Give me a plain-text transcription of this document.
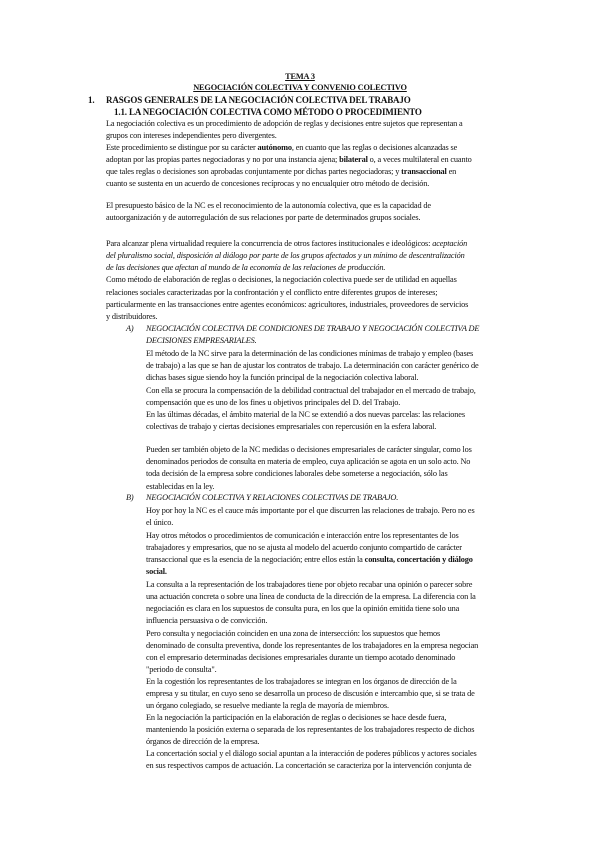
TEMA 3
NEGOCIACIÓN COLECTIVA Y CONVENIO COLECTIVO
1. RASGOS GENERALES DE LA NEGOCIACIÓN COLECTIVA DEL TRABAJO
1.1. LA NEGOCIACIÓN COLECTIVA COMO MÉTODO O PROCEDIMIENTO
La negociación colectiva es un procedimiento de adopción de reglas y decisiones entre sujetos que representan a
grupos con intereses independientes pero divergentes.
Este procedimiento se distingue por su carácter autónomo, en cuanto que las reglas o decisiones alcanzadas se
adoptan por las propias partes negociadoras y no por una instancia ajena; bilateral o, a veces multilateral en cuanto
que tales reglas o decisiones son aprobadas conjuntamente por dichas partes negociadoras; y transaccional en
cuanto se sustenta en un acuerdo de concesiones recíprocas y no encualquier otro método de decisión.
El presupuesto básico de la NC es el reconocimiento de la autonomía colectiva, que es la capacidad de
autoorganización y de autorregulación de sus relaciones por parte de determinados grupos sociales.
Para alcanzar plena virtualidad requiere la concurrencia de otros factores institucionales e ideológicos: aceptación
del pluralismo social, disposición al diálogo por parte de los grupos afectados y un mínimo de descentralización
de las decisiones que afectan al mundo de la economía de las relaciones de producción.
Como método de elaboración de reglas o decisiones, la negociación colectiva puede ser de utilidad en aquellas
relaciones sociales caracterizadas por la confrontación y el conflicto entre diferentes grupos de intereses;
particularmente en las transacciones entre agentes económicos: agricultores, industriales, proveedores de servicios
y distribuidores.
A) NEGOCIACIÓN COLECTIVA DE CONDICIONES DE TRABAJO Y NEGOCIACIÓN COLECTIVA DE
DECISIONES EMPRESARIALES.
El método de la NC sirve para la determinación de las condiciones mínimas de trabajo y empleo (bases
de trabajo) a las que se han de ajustar los contratos de trabajo. La determinación con carácter genérico de
dichas bases sigue siendo hoy la función principal de la negociación colectiva laboral.
Con ella se procura la compensación de la debilidad contractual del trabajador en el mercado de trabajo,
compensación que es uno de los fines u objetivos principales del D. del Trabajo.
En las últimas décadas, el ámbito material de la NC se extendió a dos nuevas parcelas: las relaciones
colectivas de trabajo y ciertas decisiones empresariales con repercusión en la esfera laboral.
Pueden ser también objeto de la NC medidas o decisiones empresariales de carácter singular, como los
denominados periodos de consulta en materia de empleo, cuya aplicación se agota en un solo acto. No
toda decisión de la empresa sobre condiciones laborales debe someterse a negociación, sólo las
establecidas en la ley.
B) NEGOCIACIÓN COLECTIVA Y RELACIONES COLECTIVAS DE TRABAJO.
Hoy por hoy la NC es el cauce más importante por el que discurren las relaciones de trabajo. Pero no es
el único.
Hay otros métodos o procedimientos de comunicación e interacción entre los representantes de los
trabajadores y empresarios, que no se ajusta al modelo del acuerdo conjunto compartido de carácter
transaccional que es la esencia de la negociación; entre ellos están la consulta, concertación y diálogo
social.
La consulta a la representación de los trabajadores tiene por objeto recabar una opinión o parecer sobre
una actuación concreta o sobre una línea de conducta de la dirección de la empresa. La diferencia con la
negociación es clara en los supuestos de consulta pura, en los que la opinión emitida tiene solo una
influencia persuasiva o de convicción.
Pero consulta y negociación coinciden en una zona de intersección: los supuestos que hemos
denominado de consulta preventiva, donde los representantes de los trabajadores en la empresa negocian
con el empresario determinadas decisiones empresariales durante un tiempo acotado denominado
"periodo de consulta".
En la cogestión los representantes de los trabajadores se integran en los órganos de dirección de la
empresa y su titular, en cuyo seno se desarrolla un proceso de discusión e intercambio que, si se trata de
un órgano colegiado, se resuelve mediante la regla de mayoría de miembros.
En la negociación la participación en la elaboración de reglas o decisiones se hace desde fuera,
manteniendo la posición externa o separada de los representantes de los trabajadores respecto de dichos
órganos de dirección de la empresa.
La concertación social y el diálogo social apuntan a la interacción de poderes públicos y actores sociales
en sus respectivos campos de actuación. La concertación se caracteriza por la intervención conjunta de
